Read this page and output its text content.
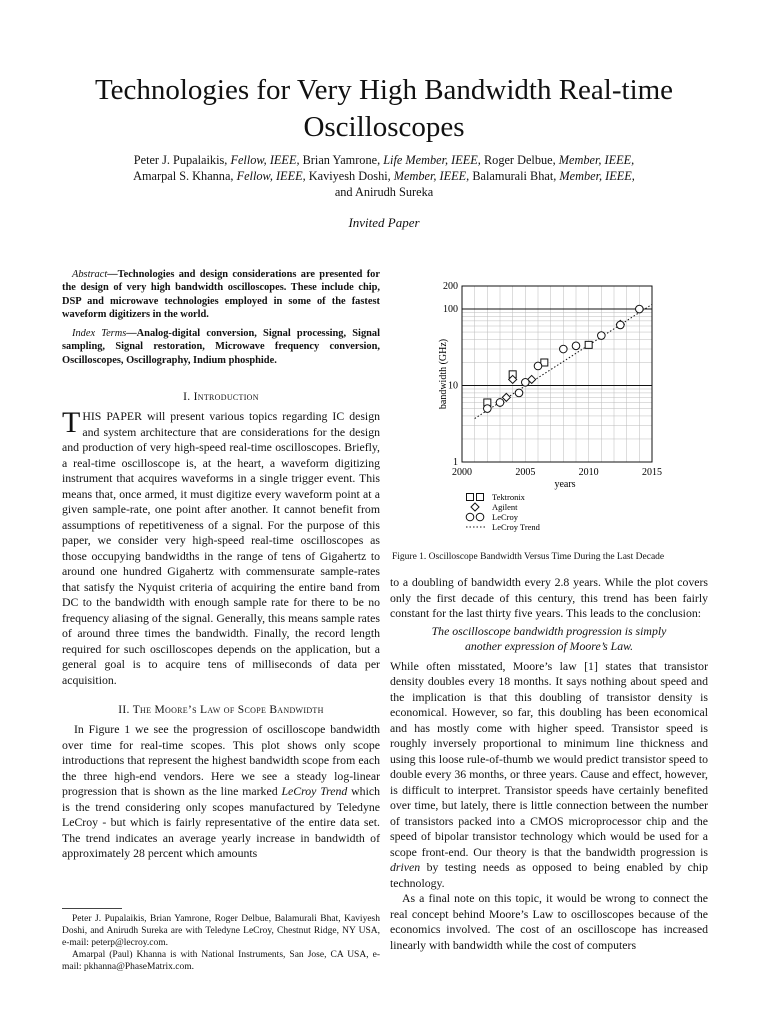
Technologies for Very High Bandwidth Real-time
Oscilloscopes
Peter J. Pupalaikis, Fellow, IEEE, Brian Yamrone, Life Member, IEEE, Roger Delbue, Member, IEEE,
Amarpal S. Khanna, Fellow, IEEE, Kaviyesh Doshi, Member, IEEE, Balamurali Bhat, Member, IEEE,
and Anirudh Sureka
Invited Paper

Abstract—Technologies and design considerations are presented for the design of very high bandwidth oscilloscopes. These include chip, DSP and microwave technologies employed in some of the fastest waveform digitizers in the world.

Index Terms—Analog-digital conversion, Signal processing, Signal sampling, Signal restoration, Microwave frequency conversion, Oscilloscopes, Oscillography, Indium phosphide.

I. Introduction

THIS PAPER will present various topics regarding IC design and system architecture that are considerations for the design and production of very high-speed real-time oscilloscopes. Briefly, a real-time oscilloscope is, at the heart, a waveform digitizing instrument that acquires waveforms in a single trigger event. This means that, once armed, it must digitize every waveform point at a given sample-rate, one point after another. It cannot benefit from assumptions of repetitiveness of a signal. For the purpose of this paper, we consider very high-speed real-time oscilloscopes as those occupying bandwidths in the range of tens of Gigahertz to around one hundred Gigahertz with commensurate sample-rates that satisfy the Nyquist criteria of acquiring the entire band from DC to the bandwidth with enough sample rate for there to be no frequency aliasing of the signal. Generally, this means sample rates of around three times the bandwidth. Finally, the record length required for such oscilloscopes depends on the application, but a general goal is to acquire tens of milliseconds of data per acquisition.

II. The Moore’s Law of Scope Bandwidth

In Figure 1 we see the progression of oscilloscope bandwidth over time for real-time scopes. This plot shows only scope introductions that represent the highest bandwidth scope from each the three high-end vendors. Here we see a steady log-linear progression that is shown as the line marked LeCroy Trend which is the trend considering only scopes manufactured by Teledyne LeCroy - but which is fairly representative of the entire data set. The trend indicates an average yearly increase in bandwidth of approximately 28 percent which amounts

Peter J. Pupalaikis, Brian Yamrone, Roger Delbue, Balamurali Bhat, Kaviyesh Doshi, and Anirudh Sureka are with Teledyne LeCroy, Chestnut Ridge, NY USA, e-mail: peterp@lecroy.com.

Amarpal (Paul) Khanna is with National Instruments, San Jose, CA USA, e-mail: pkhanna@PhaseMatrix.com.

2000	2005	2010	2015
1
10
100
200
bandwidth (GHz)
years
Tektronix
Agilent
LeCroy
LeCroy Trend
Figure 1. Oscilloscope Bandwidth Versus Time During the Last Decade

to a doubling of bandwidth every 2.8 years. While the plot covers only the first decade of this century, this trend has been fairly constant for the last thirty five years. This leads to the conclusion:

The oscilloscope bandwidth progression is simply
another expression of Moore’s Law.

While often misstated, Moore’s law [1] states that transistor density doubles every 18 months. It says nothing about speed and the implication is that this doubling of transistor density is economical. However, so far, this doubling has been economical and has mostly come with higher speed. Transistor speed is roughly inversely proportional to minimum line thickness and using this loose rule-of-thumb we would predict transistor speed to double every 36 months, or three years. Cause and effect, however, is difficult to interpret. Transistor speeds have certainly benefited over time, but lately, there is little connection between the number of transistors packed into a CMOS microprocessor chip and the speed of bipolar transistor technology which would be used for a scope front-end. Our theory is that the bandwidth progression is driven by testing needs as opposed to being enabled by chip technology.

As a final note on this topic, it would be wrong to connect the real concept behind Moore’s Law to oscilloscopes because of the economics involved. The cost of an oscilloscope has increased linearly with bandwidth while the cost of computers
